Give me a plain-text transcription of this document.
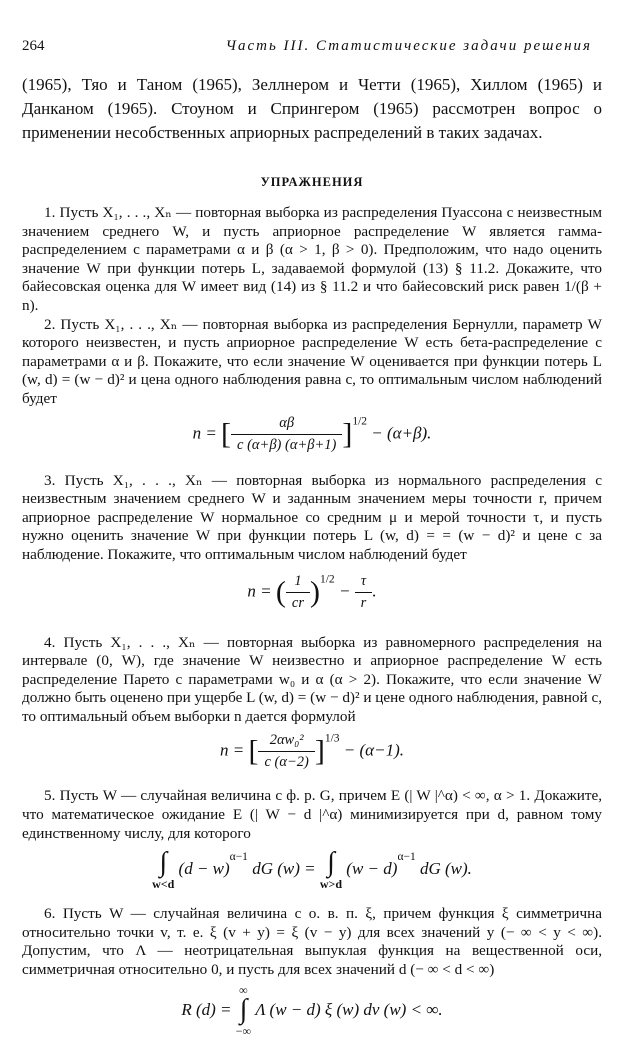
264	Часть III. Статистические задачи решения

(1965), Тяо и Таном (1965), Зеллнером и Четти (1965), Хиллом (1965) и Данканом (1965). Стоуном и Спрингером (1965) рассмотрен вопрос о применении несобственных априорных распределений в таких задачах.

УПРАЖНЕНИЯ

1. Пусть X₁, . . ., Xₙ — повторная выборка из распределения Пуассона с неизвестным значением среднего W, и пусть априорное распределение W является гамма-распределением с параметрами α и β (α > 1, β > 0). Предположим, что надо оценить значение W при функции потерь L, задаваемой формулой (13) § 11.2. Докажите, что байесовская оценка для W имеет вид (14) из § 11.2 и что байесовский риск равен 1/(β + n).

2. Пусть X₁, . . ., Xₙ — повторная выборка из распределения Бернулли, параметр W которого неизвестен, и пусть априорное распределение W есть бета-распределение с параметрами α и β. Покажите, что если значение W оценивается при функции потерь L (w, d) = (w − d)² и цена одного наблюдения равна c, то оптимальным числом наблюдений будет

n = [ $\frac{\alpha\beta}{c (\alpha+\beta) (\alpha+\beta+1)} ]^{1/2} - (\alpha+\beta)$.

3. Пусть X₁, . . ., Xₙ — повторная выборка из нормального распределения с неизвестным значением среднего W и заданным значением меры точности r, причем априорное распределение W нормальное со средним μ и мерой точности τ, и пусть нужно оценить значение W при функции потерь L (w, d) = = (w − d)² и цене c за наблюдение. Покажите, что оптимальным числом наблюдений будет

n = ( $\frac{1}{cr} )^{1/2} - \frac{\tau}{r}$ .

4. Пусть X₁, . . ., Xₙ — повторная выборка из равномерного распределения на интервале (0, W), где значение W неизвестно и априорное распределение W есть распределение Парето с параметрами w₀ и α (α > 2). Покажите, что если значение W должно быть оценено при ущербе L (w, d) = (w − d)² и цене одного наблюдения, равной c, то оптимальный объем выборки n дается формулой

n = [ $\frac{\text{2αw₀²}}{c (\alpha-2)} ]^{1/3} - (\alpha-1)$.

5. Пусть W — случайная величина с ф. р. G, причем E (| W |^α) < ∞, α > 1. Докажите, что математическое ожидание E (| W − d |^α) минимизируется при d, равном тому единственному числу, для которого

∫
w<d
$(d - w)^{\alpha-1}$ dG (w) = ∫
w>d
$(w - d)^{\alpha-1}$ dG (w).

6. Пусть W — случайная величина с о. в. п. ξ, причем функция ξ симметрична относительно точки v, т. е. ξ (v + y) = ξ (v − y) для всех значений y (− ∞ < y < ∞). Допустим, что Λ — неотрицательная выпуклая функция на вещественной оси, симметричная относительно 0, и пусть для всех значений d (− ∞ < d < ∞)

R (d) =
∞
∫
−∞
Λ (w − d) ξ (w) dν (w) < ∞.
